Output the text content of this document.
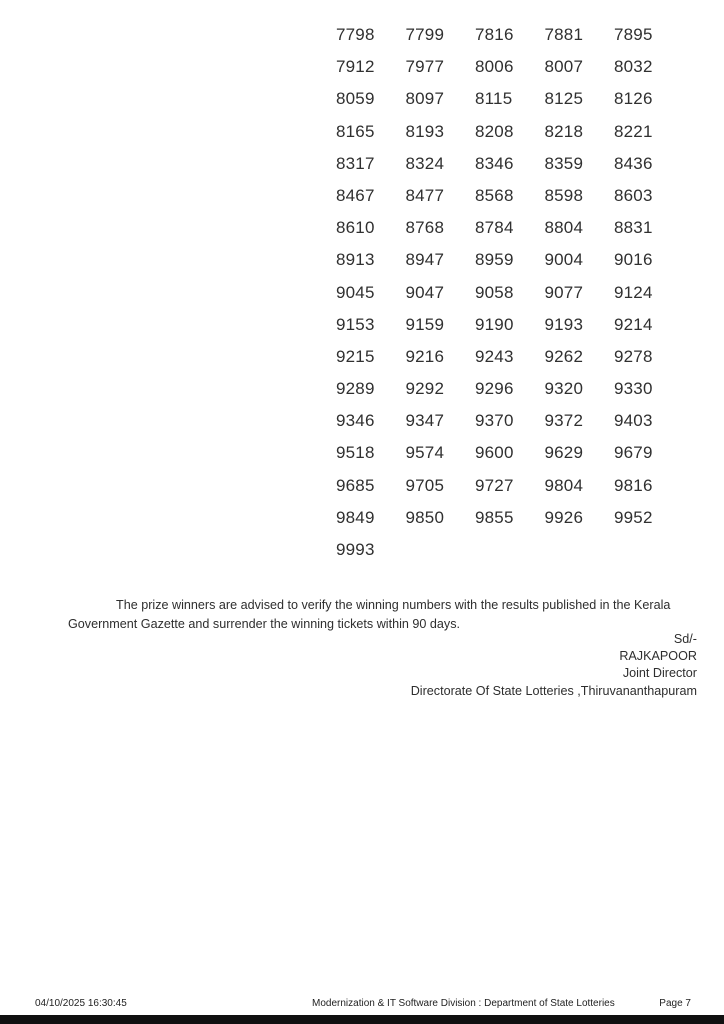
7798 7799 7816 7881 7895
7912 7977 8006 8007 8032
8059 8097 8115 8125 8126
8165 8193 8208 8218 8221
8317 8324 8346 8359 8436
8467 8477 8568 8598 8603
8610 8768 8784 8804 8831
8913 8947 8959 9004 9016
9045 9047 9058 9077 9124
9153 9159 9190 9193 9214
9215 9216 9243 9262 9278
9289 9292 9296 9320 9330
9346 9347 9370 9372 9403
9518 9574 9600 9629 9679
9685 9705 9727 9804 9816
9849 9850 9855 9926 9952
9993
The prize winners are advised to verify the winning numbers with the results published in the Kerala
Government Gazette and surrender the winning tickets within 90 days.
Sd/-
RAJKAPOOR
Joint Director
Directorate Of State Lotteries ,Thiruvananthapuram
04/10/2025 16:30:45	Modernization & IT Software Division : Department of State Lotteries	Page 7
